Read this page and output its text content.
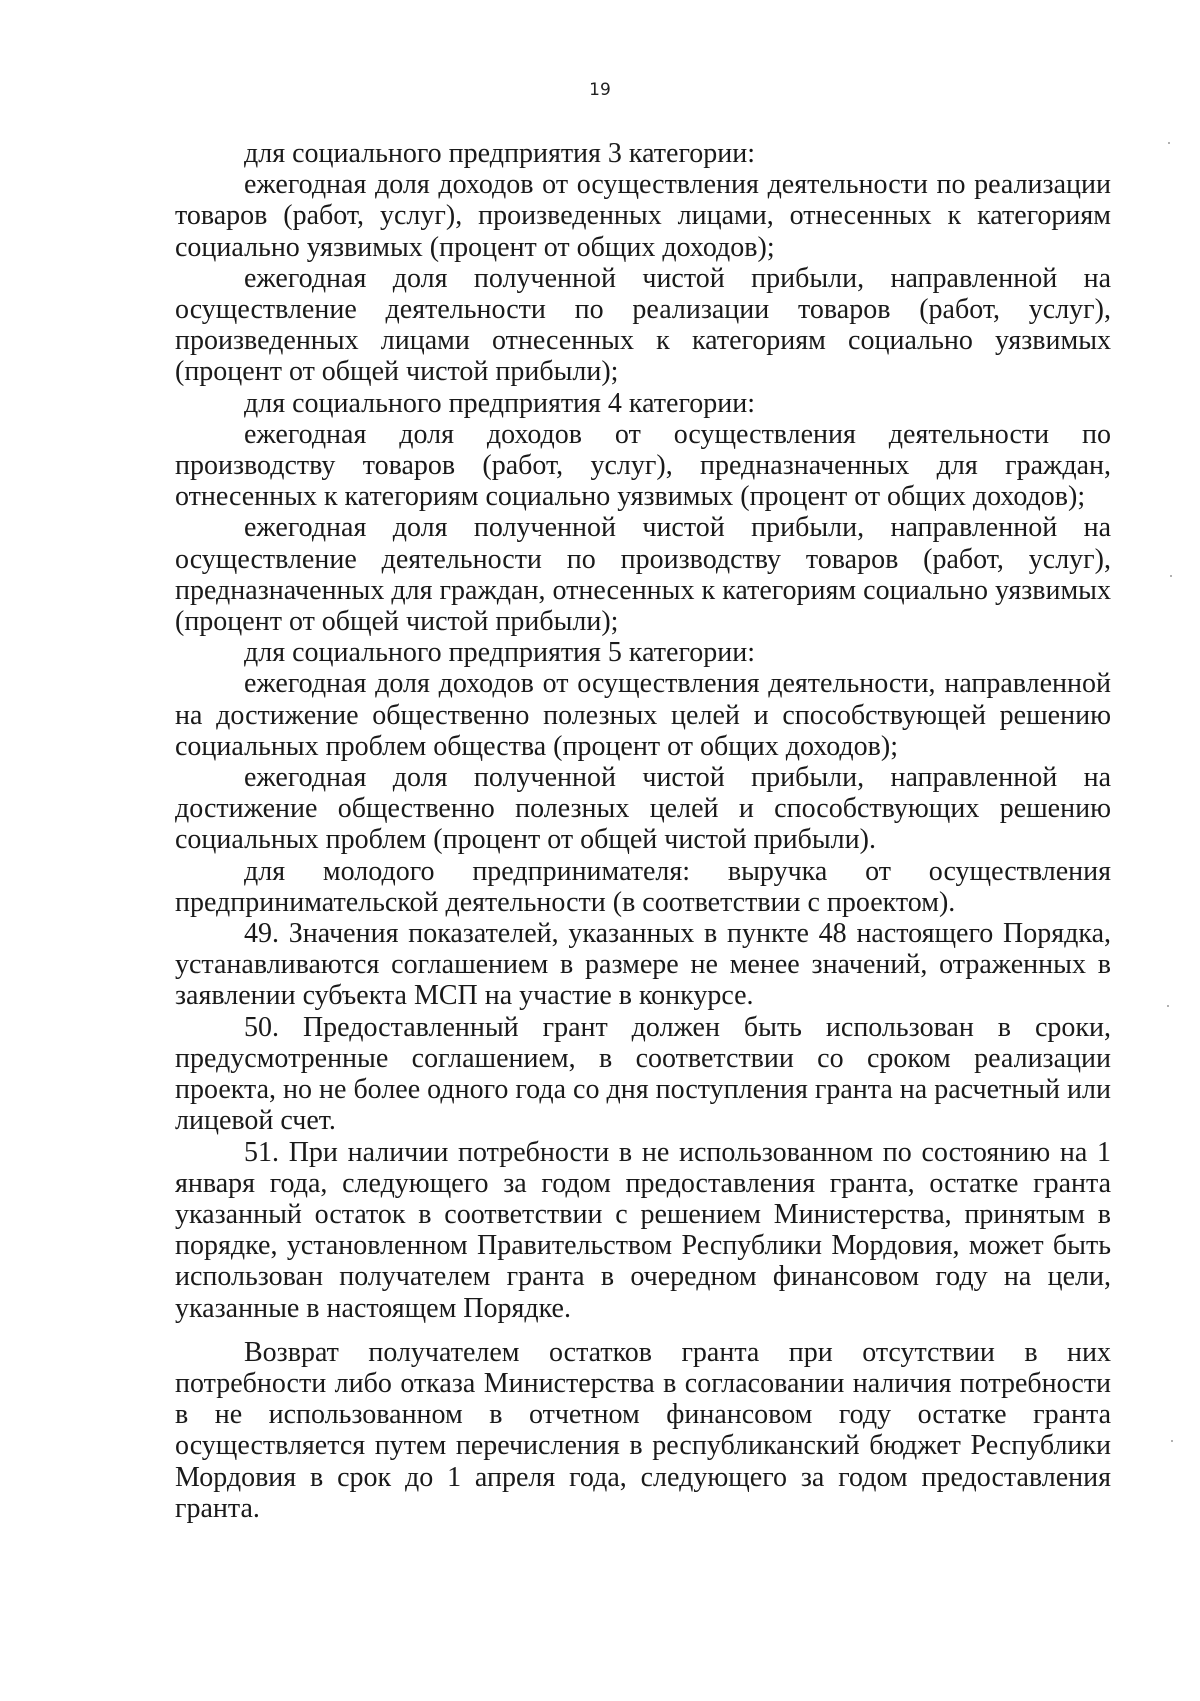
19

для социального предприятия 3 категории:

ежегодная доля доходов от осуществления деятельности по реализации товаров (работ, услуг), произведенных лицами, отнесенных к категориям социально уязвимых (процент от общих доходов);

ежегодная доля полученной чистой прибыли, направленной на осуществление деятельности по реализации товаров (работ, услуг), произведенных лицами отнесенных к категориям социально уязвимых (процент от общей чистой прибыли);

для социального предприятия 4 категории:

ежегодная доля доходов от осуществления деятельности по производству товаров (работ, услуг), предназначенных для граждан, отнесенных к категориям социально уязвимых (процент от общих доходов);

ежегодная доля полученной чистой прибыли, направленной на осуществление деятельности по производству товаров (работ, услуг), предназначенных для граждан, отнесенных к категориям социально уязвимых (процент от общей чистой прибыли);

для социального предприятия 5 категории:

ежегодная доля доходов от осуществления деятельности, направленной на достижение общественно полезных целей и способствующей решению социальных проблем общества (процент от общих доходов);

ежегодная доля полученной чистой прибыли, направленной на достижение общественно полезных целей и способствующих решению социальных проблем (процент от общей чистой прибыли).

для молодого предпринимателя: выручка от осуществления предпринимательской деятельности (в соответствии с проектом).

49. Значения показателей, указанных в пункте 48 настоящего Порядка, устанавливаются соглашением в размере не менее значений, отраженных в заявлении субъекта МСП на участие в конкурсе.

50. Предоставленный грант должен быть использован в сроки, предусмотренные соглашением, в соответствии со сроком реализации проекта, но не более одного года со дня поступления гранта на расчетный или лицевой счет.

51. При наличии потребности в не использованном по состоянию на 1 января года, следующего за годом предоставления гранта, остатке гранта указанный остаток в соответствии с решением Министерства, принятым в порядке, установленном Правительством Республики Мордовия, может быть использован получателем гранта в очередном финансовом году на цели, указанные в настоящем Порядке.

Возврат получателем остатков гранта при отсутствии в них потребности либо отказа Министерства в согласовании наличия потребности в не использованном в отчетном финансовом году остатке гранта осуществляется путем перечисления в республиканский бюджет Республики Мордовия в срок до 1 апреля года, следующего за годом предоставления гранта.
